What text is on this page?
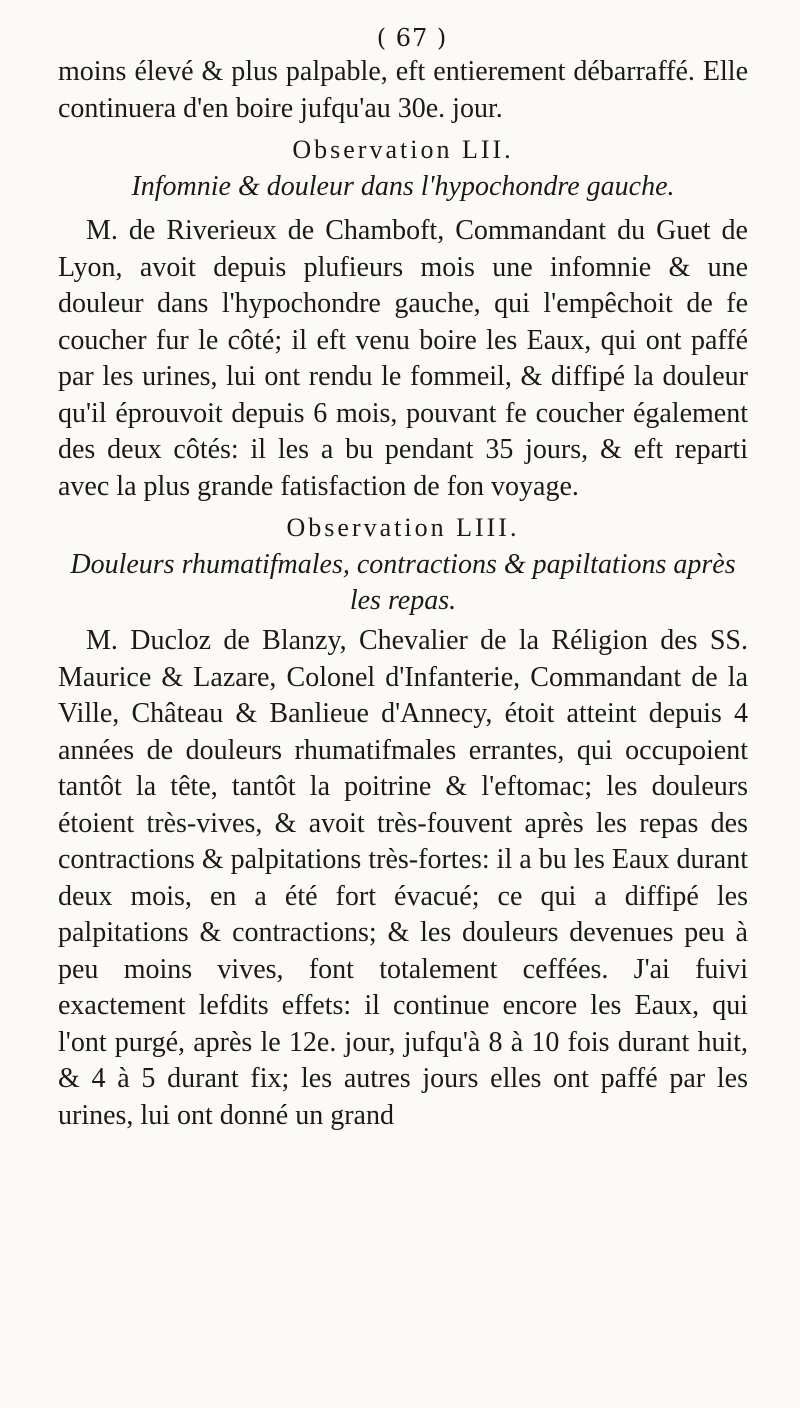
( 67 )

moins élevé & plus palpable, eft entierement débarraffé. Elle continuera d'en boire jufqu'au 30e. jour.

Observation LII.
Infomnie & douleur dans l'hypochondre gauche.

M. de Riverieux de Chamboft, Commandant du Guet de Lyon, avoit depuis plufieurs mois une infomnie & une douleur dans l'hypochondre gauche, qui l'empêchoit de fe coucher fur le côté; il eft venu boire les Eaux, qui ont paffé par les urines, lui ont rendu le fommeil, & diffipé la douleur qu'il éprouvoit depuis 6 mois, pouvant fe coucher également des deux côtés: il les a bu pendant 35 jours, & eft reparti avec la plus grande fatisfaction de fon voyage.

Observation LIII.
Douleurs rhumatifmales, contractions & papiltations après les repas.

M. Ducloz de Blanzy, Chevalier de la Réligion des SS. Maurice & Lazare, Colonel d'Infanterie, Commandant de la Ville, Château & Banlieue d'Annecy, étoit atteint depuis 4 années de douleurs rhumatifmales errantes, qui occupoient tantôt la tête, tantôt la poitrine & l'eftomac; les douleurs étoient très-vives, & avoit très-fouvent après les repas des contractions & palpitations très-fortes: il a bu les Eaux durant deux mois, en a été fort évacué; ce qui a diffipé les palpitations & contractions; & les douleurs devenues peu à peu moins vives, font totalement ceffées. J'ai fuivi exactement lefdits effets: il continue encore les Eaux, qui l'ont purgé, après le 12e. jour, jufqu'à 8 à 10 fois durant huit, & 4 à 5 durant fix; les autres jours elles ont paffé par les urines, lui ont donné un grand
